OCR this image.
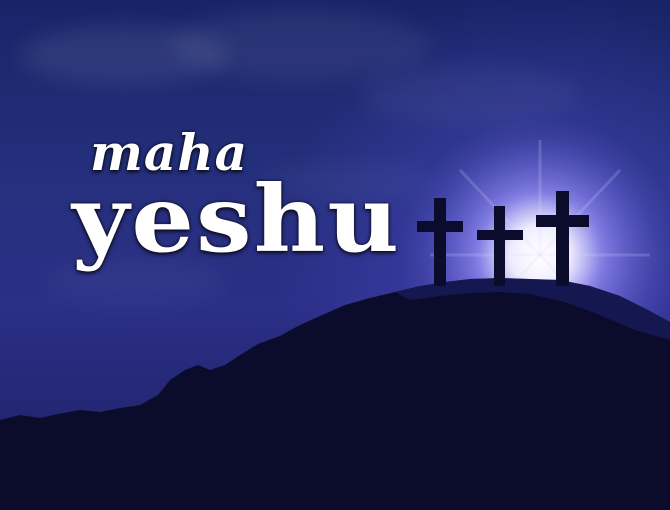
maha
yeshu
